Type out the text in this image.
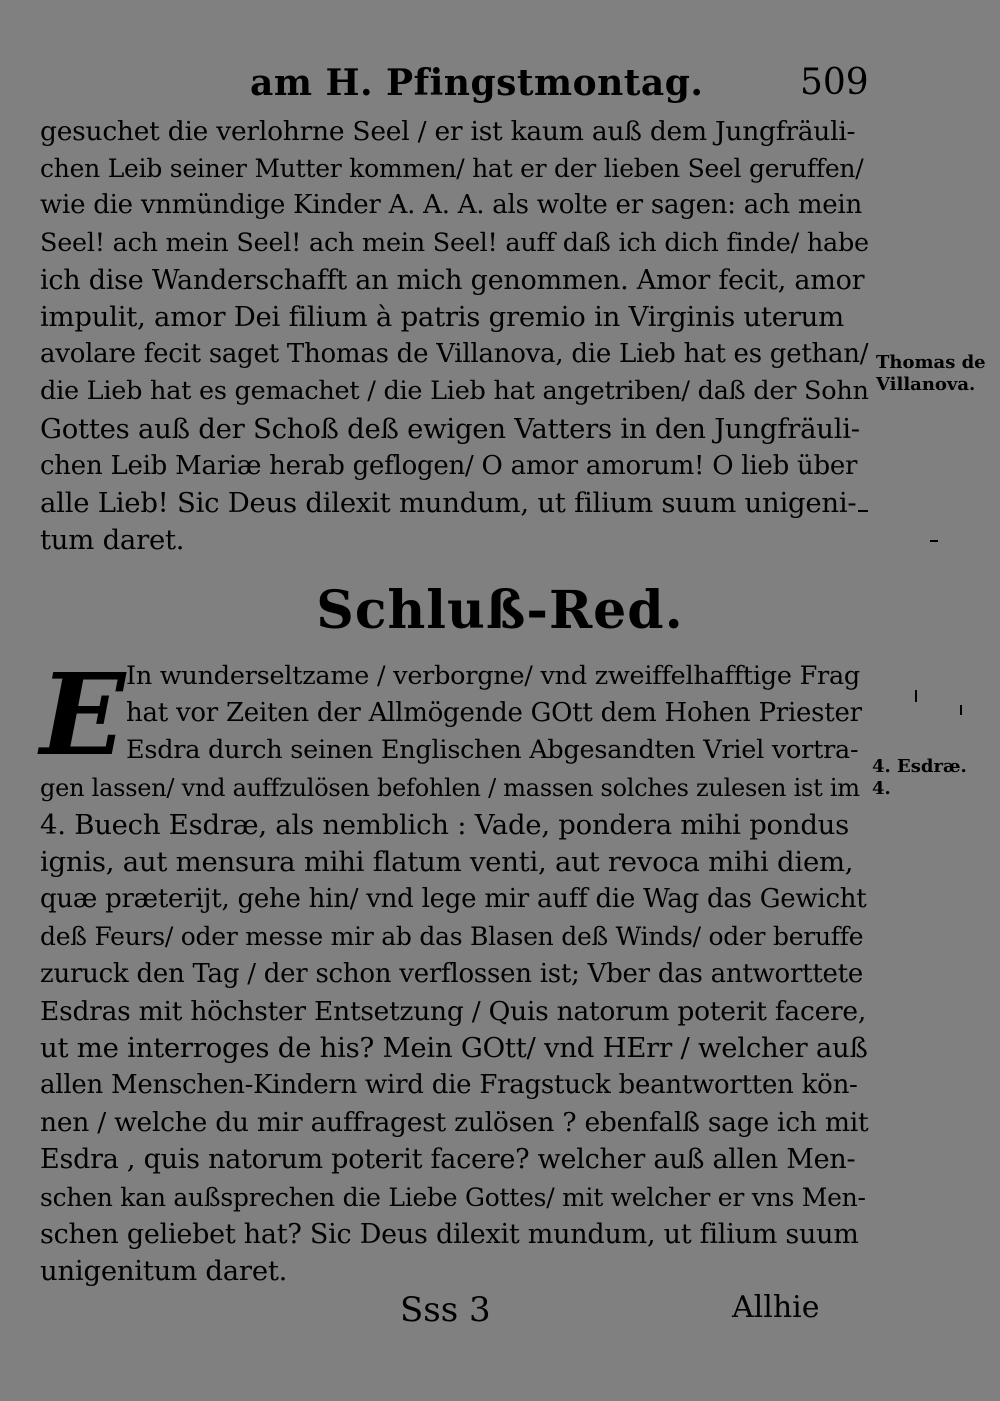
am H. Pfingstmontag.	509
gesuchet die verlohrne Seel / er ist kaum auß dem Jungfräuli-
chen Leib seiner Mutter kommen/ hat er der lieben Seel geruffen/
wie die vnmündige Kinder A. A. A. als wolte er sagen: ach mein
Seel! ach mein Seel! ach mein Seel! auff daß ich dich finde/ habe
ich dise Wanderschafft an mich genommen. Amor fecit, amor
impulit, amor Dei filium à patris gremio in Virginis uterum
avolare fecit saget Thomas de Villanova, die Lieb hat es gethan/
die Lieb hat es gemachet / die Lieb hat angetriben/ daß der Sohn
Gottes auß der Schoß deß ewigen Vatters in den Jungfräuli-
chen Leib Mariæ herab geflogen/ O amor amorum! O lieb über
alle Lieb! Sic Deus dilexit mundum, ut filium suum unigeni-
tum daret.
Thomas de
Villanova.
Schluß-Red.
E In wunderseltzame / verborgne/ vnd zweiffelhafftige Frag
hat vor Zeiten der Allmögende GOtt dem Hohen Priester
Esdra durch seinen Englischen Abgesandten Vriel vortra-
gen lassen/ vnd auffzulösen befohlen / massen solches zulesen ist im
4. Buech Esdræ, als nemblich : Vade, pondera mihi pondus
ignis, aut mensura mihi flatum venti, aut revoca mihi diem,
quæ præterijt, gehe hin/ vnd lege mir auff die Wag das Gewicht
deß Feurs/ oder messe mir ab das Blasen deß Winds/ oder beruffe
zuruck den Tag / der schon verflossen ist; Vber das antworttete
Esdras mit höchster Entsetzung / Quis natorum poterit facere,
ut me interroges de his? Mein GOtt/ vnd HErr / welcher auß
allen Menschen-Kindern wird die Fragstuck beantwortten kön-
nen / welche du mir auffragest zulösen ? ebenfalß sage ich mit
Esdra , quis natorum poterit facere? welcher auß allen Men-
schen kan außsprechen die Liebe Gottes/ mit welcher er vns Men-
schen geliebet hat? Sic Deus dilexit mundum, ut filium suum
unigenitum daret.
4. Esdræ.
4.
Sss 3	Allhie
